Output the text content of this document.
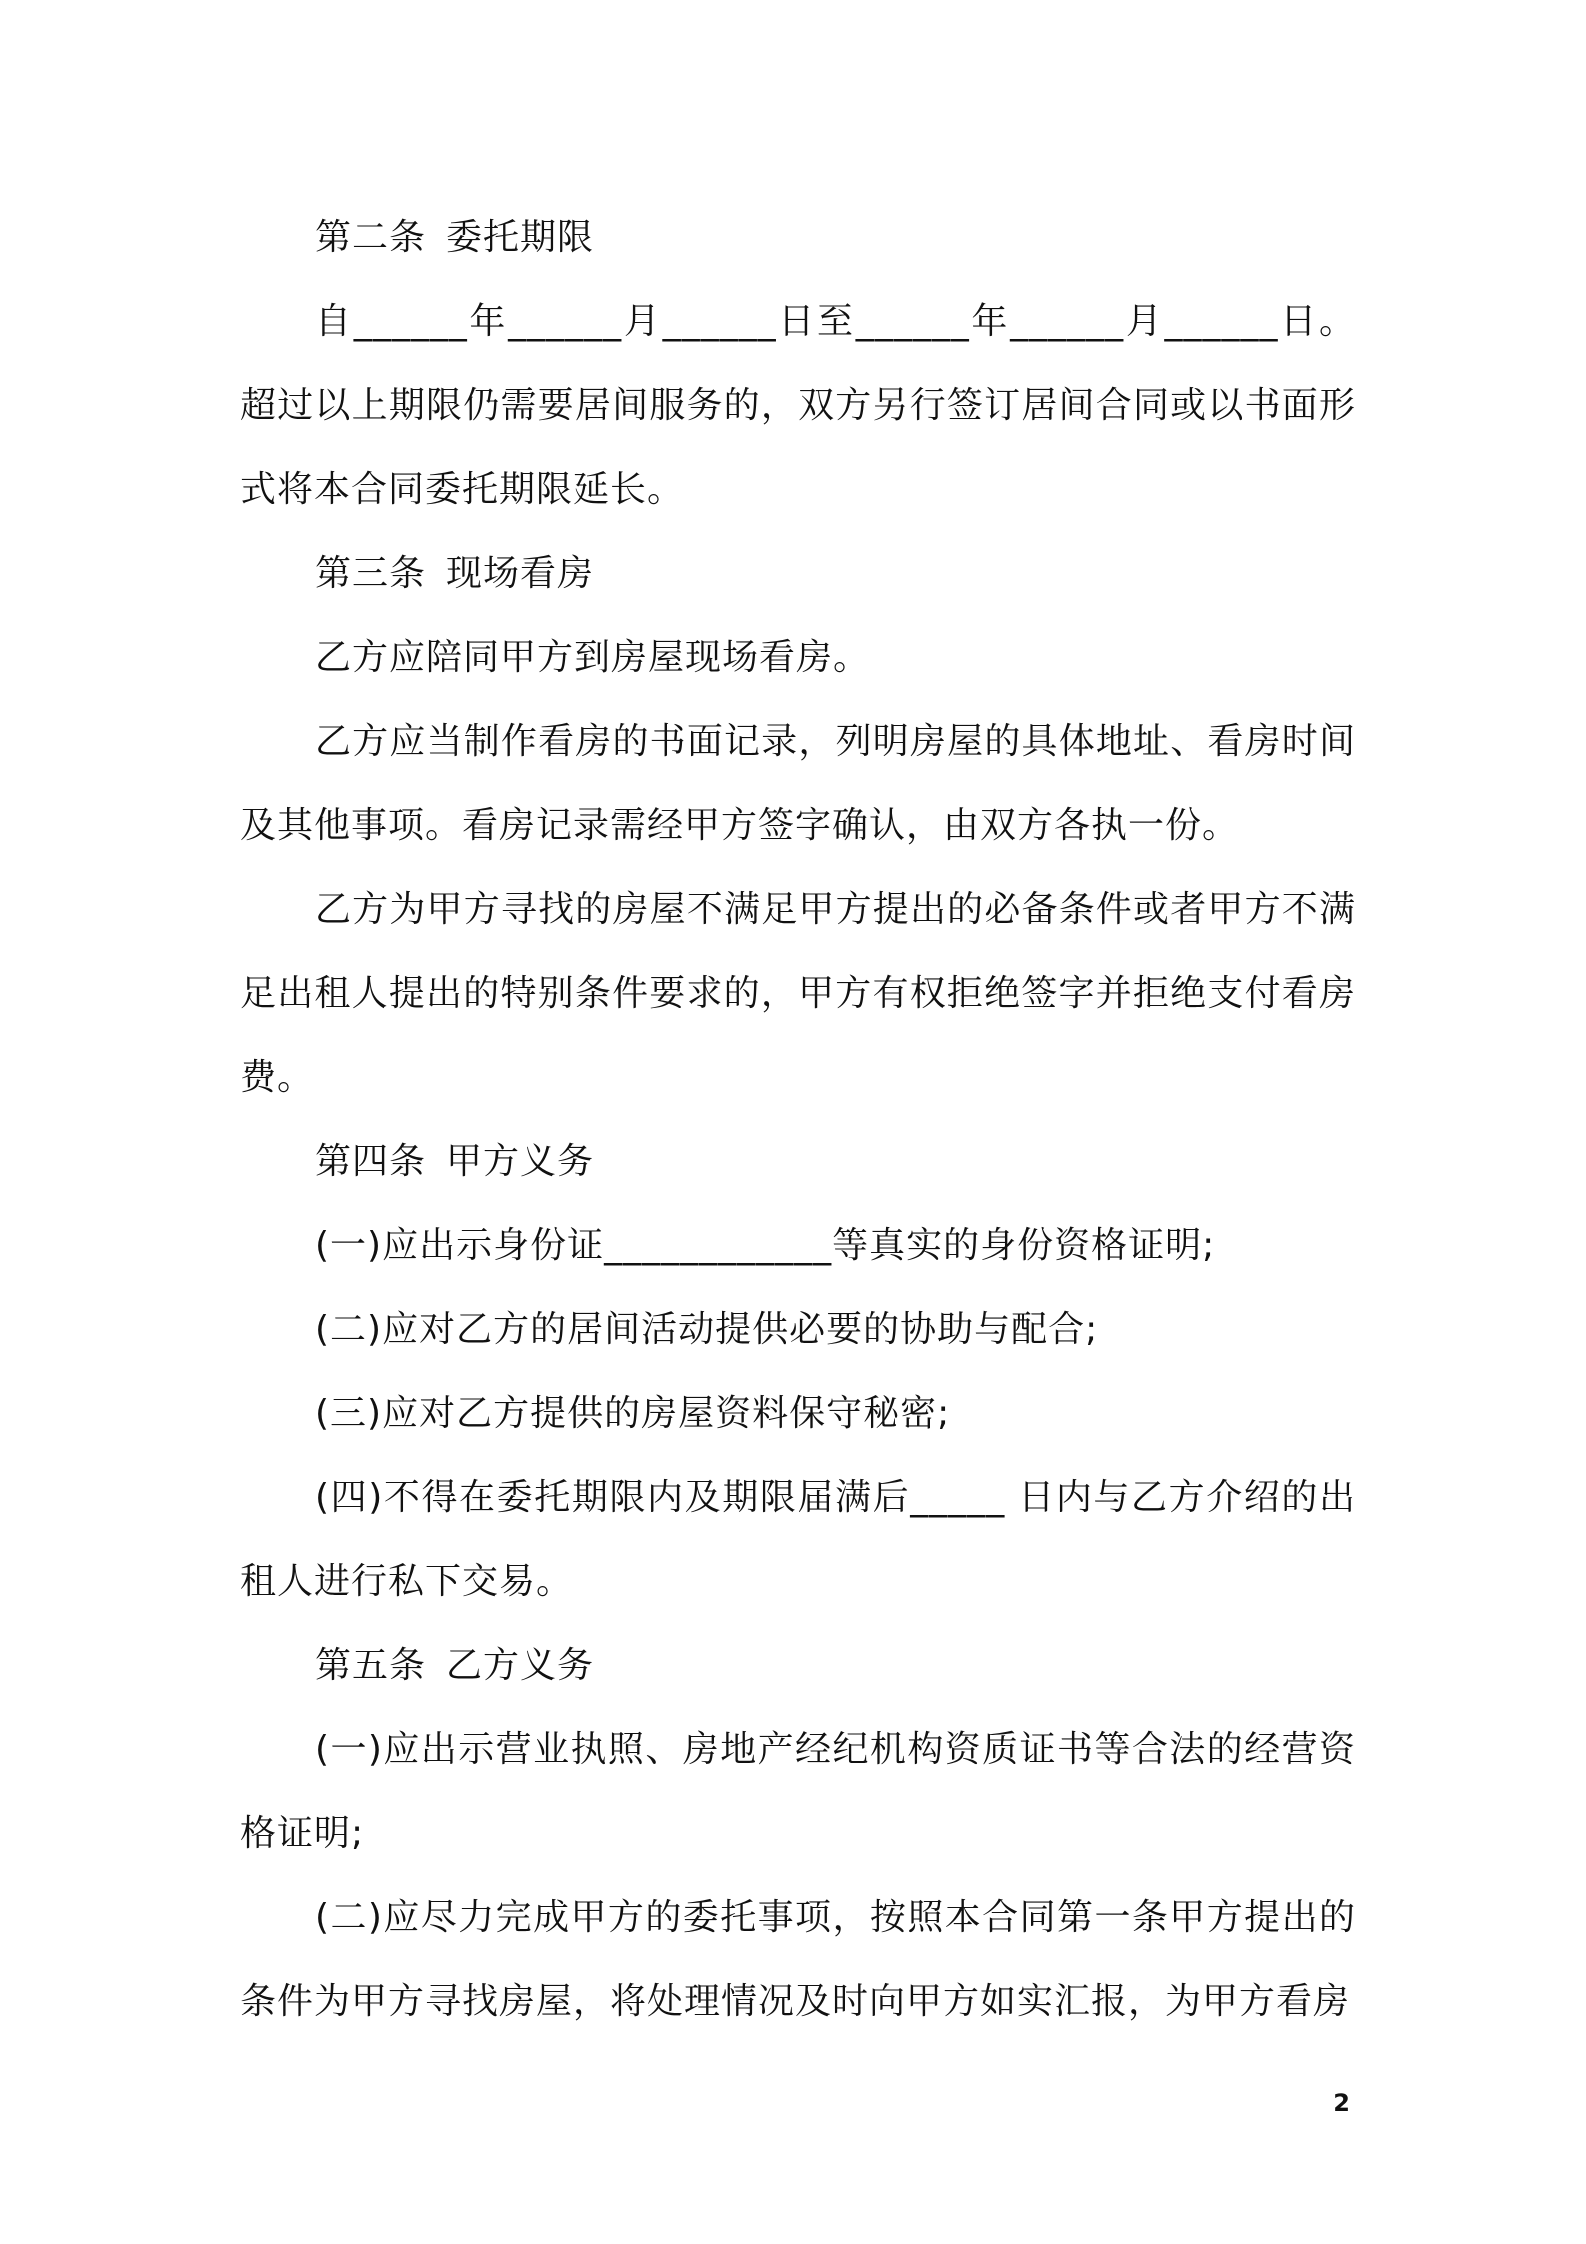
第二条 委托期限

自______年______月______日至______年______月______日。 超过以上期限仍需要居间服务的，双方另行签订居间合同或以书面形式将本合同委托期限延长。

第三条 现场看房

乙方应陪同甲方到房屋现场看房。

乙方应当制作看房的书面记录，列明房屋的具体地址、看房时间及其他事项。看房记录需经甲方签字确认，由双方各执一份。

乙方为甲方寻找的房屋不满足甲方提出的必备条件或者甲方不满足出租人提出的特别条件要求的，甲方有权拒绝签字并拒绝支付看房费。

第四条 甲方义务

(一)应出示身份证____________等真实的身份资格证明;

(二)应对乙方的居间活动提供必要的协助与配合;

(三)应对乙方提供的房屋资料保守秘密;

(四)不得在委托期限内及期限届满后_____ 日内与乙方介绍的出租人进行私下交易。

第五条 乙方义务

(一)应出示营业执照、房地产经纪机构资质证书等合法的经营资格证明;

(二)应尽力完成甲方的委托事项，按照本合同第一条甲方提出的条件为甲方寻找房屋，将处理情况及时向甲方如实汇报，为甲方看房

2
